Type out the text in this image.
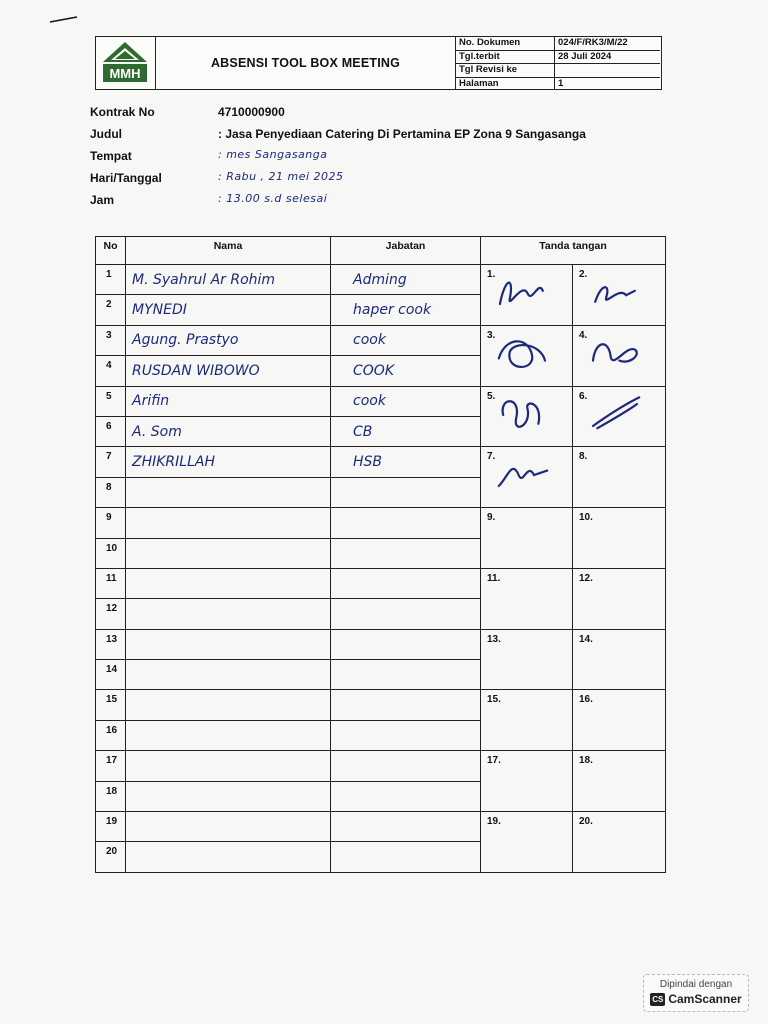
MMH
ABSENSI TOOL BOX MEETING
No. Dokumen	024/F/RK3/M/22
Tgl.terbit	28 Juli 2024
Tgl Revisi ke	
Halaman	1
Kontrak No	4710000900
Judul	: Jasa Penyediaan Catering Di Pertamina EP Zona 9 Sangasanga
Tempat	: mes Sangasanga
Hari/Tanggal	: Rabu , 21 mei 2025
Jam	: 13.00 s.d selesai
No	Nama	Jabatan	Tanda tangan	
1	M. Syahrul Ar Rohim	Adming	1.	2.

2	MYNEDI	haper cook		
3	Agung. Prastyo	cook	3.	4.

4	RUSDAN WIBOWO	COOK		
5	Arifin	cook	5.	6.

6	A. Som	CB		
7	ZHIKRILLAH	HSB	7.	8.

8				
9			9.	10.

10				
11			11.	12.

12				
13			13.	14.

14				
15			15.	16.

16				
17			17.	18.

18				
19			19.	20.

20				
Dipindai dengan
CS CamScanner
